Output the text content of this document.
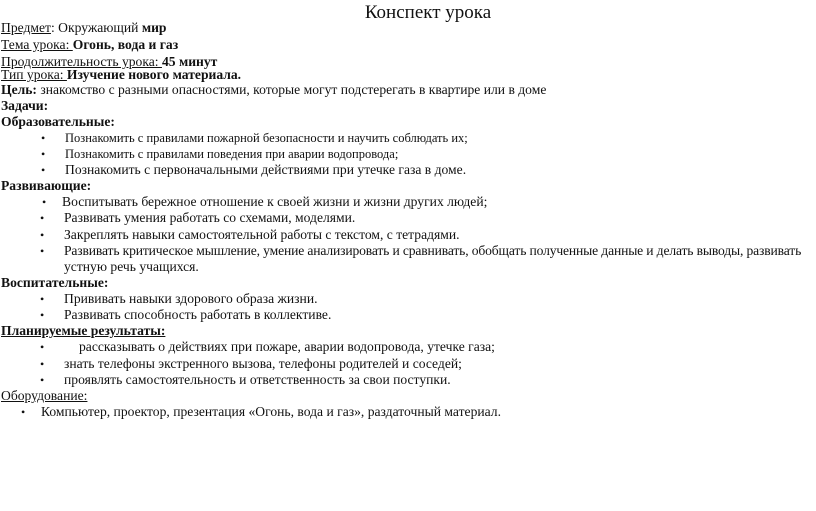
Конспект урока
Предмет: Окружающий мир
Тема урока: Огонь, вода и газ
Продолжительность урока: 45 минут
Тип урока: Изучение нового материала.
Цель: знакомство с разными опасностями, которые могут подстерегать в квартире или в доме
Задачи:
Образовательные:
• Познакомить с правилами пожарной безопасности и научить соблюдать их;
• Познакомить с правилами поведения при аварии водопровода;
• Познакомить с первоначальными действиями при утечке газа в доме.
Развивающие:
• Воспитывать бережное отношение к своей жизни и жизни других людей;
• Развивать умения работать со схемами, моделями.
• Закреплять навыки самостоятельной работы с текстом, с тетрадями.
• Развивать критическое мышление, умение анализировать и сравнивать, обобщать полученные данные и делать выводы, развивать
устную речь учащихся.
Воспитательные:
• Прививать навыки здорового образа жизни.
• Развивать способность работать в коллективе.
Планируемые результаты:
•	рассказывать о действиях при пожаре, аварии водопровода, утечке газа;
• знать телефоны экстренного вызова, телефоны родителей и соседей;
• проявлять самостоятельность и ответственность за свои поступки.
Оборудование:
• Компьютер, проектор, презентация «Огонь, вода и газ», раздаточный материал.
